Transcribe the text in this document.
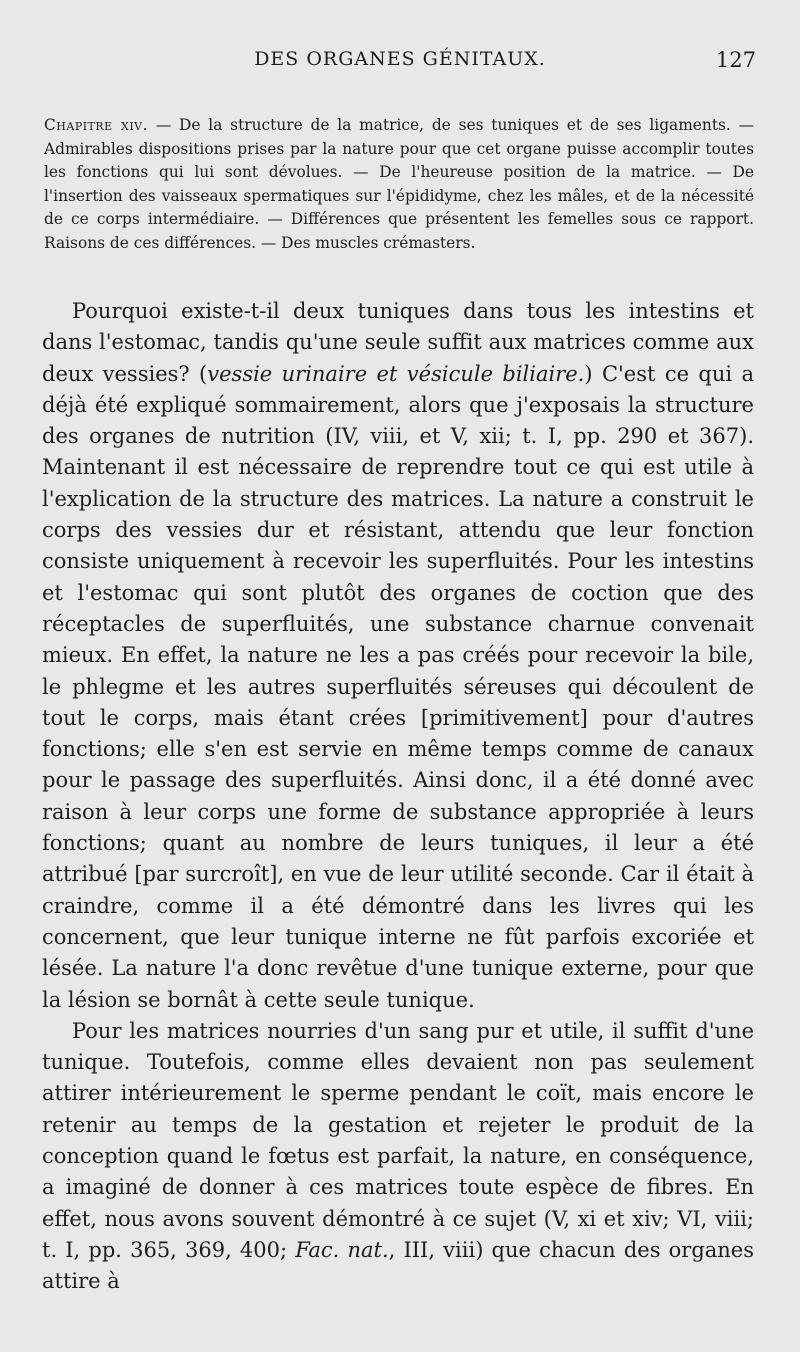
DES ORGANES GÉNITAUX.	127
Chapitre xiv. — De la structure de la matrice, de ses tuniques et de ses ligaments. — Admirables dispositions prises par la nature pour que cet organe puisse accomplir toutes les fonctions qui lui sont dévolues. — De l'heureuse position de la matrice. — De l'insertion des vaisseaux spermatiques sur l'épididyme, chez les mâles, et de la nécessité de ce corps intermédiaire. — Différences que présentent les femelles sous ce rapport. Raisons de ces différences. — Des muscles crémasters.

Pourquoi existe-t-il deux tuniques dans tous les intestins et dans l'estomac, tandis qu'une seule suffit aux matrices comme aux deux vessies? (vessie urinaire et vésicule biliaire.) C'est ce qui a déjà été expliqué sommairement, alors que j'exposais la structure des organes de nutrition (IV, viii, et V, xii; t. I, pp. 290 et 367). Maintenant il est nécessaire de reprendre tout ce qui est utile à l'explication de la structure des matrices. La nature a construit le corps des vessies dur et résistant, attendu que leur fonction consiste uniquement à recevoir les superfluités. Pour les intestins et l'estomac qui sont plutôt des organes de coction que des réceptacles de superfluités, une substance charnue convenait mieux. En effet, la nature ne les a pas créés pour recevoir la bile, le phlegme et les autres superfluités séreuses qui découlent de tout le corps, mais étant crées [primitivement] pour d'autres fonctions; elle s'en est servie en même temps comme de canaux pour le passage des superfluités. Ainsi donc, il a été donné avec raison à leur corps une forme de substance appropriée à leurs fonctions; quant au nombre de leurs tuniques, il leur a été attribué [par surcroît], en vue de leur utilité seconde. Car il était à craindre, comme il a été démontré dans les livres qui les concernent, que leur tunique interne ne fût parfois excoriée et lésée. La nature l'a donc revêtue d'une tunique externe, pour que la lésion se bornât à cette seule tunique.

Pour les matrices nourries d'un sang pur et utile, il suffit d'une tunique. Toutefois, comme elles devaient non pas seulement attirer intérieurement le sperme pendant le coït, mais encore le retenir au temps de la gestation et rejeter le produit de la conception quand le fœtus est parfait, la nature, en conséquence, a imaginé de donner à ces matrices toute espèce de fibres. En effet, nous avons souvent démontré à ce sujet (V, xi et xiv; VI, viii; t. I, pp. 365, 369, 400; Fac. nat., III, viii) que chacun des organes attire à
